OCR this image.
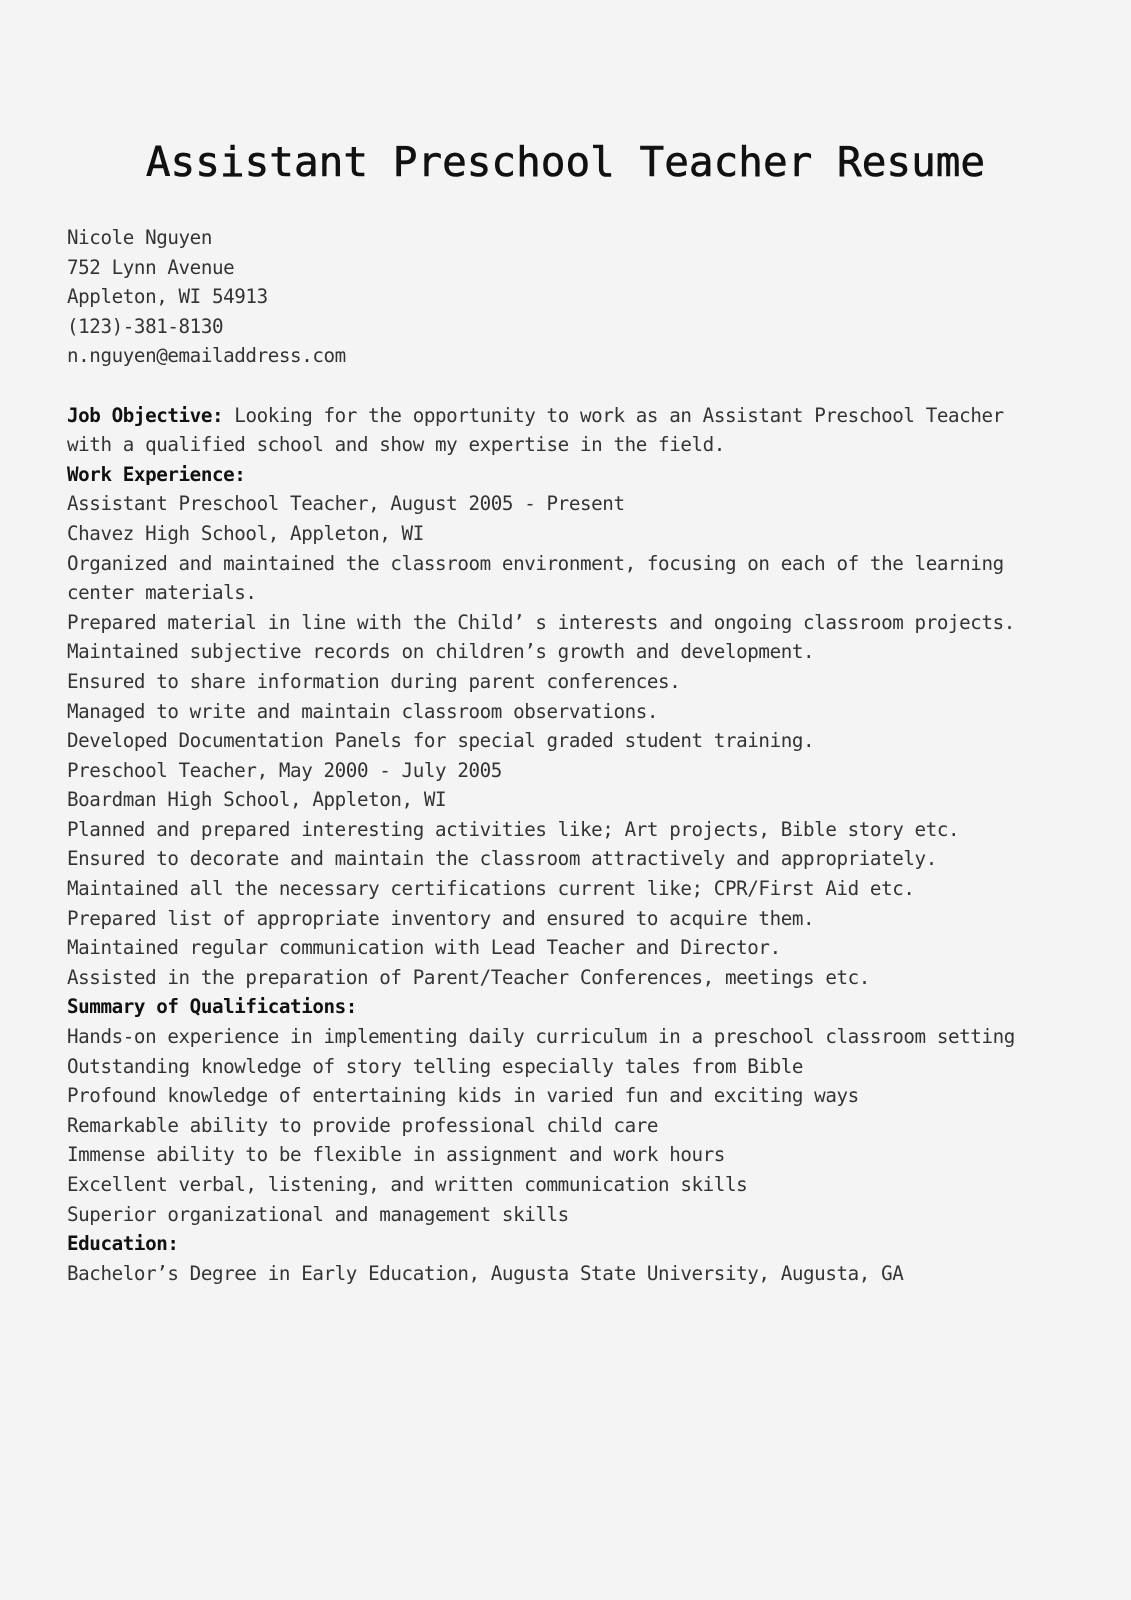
Assistant Preschool Teacher Resume
Nicole Nguyen
752 Lynn Avenue
Appleton, WI 54913
(123)-381-8130
n.nguyen@emailaddress.com
Job Objective: Looking for the opportunity to work as an Assistant Preschool Teacher with a qualified school and show my expertise in the field.
Work Experience:
Assistant Preschool Teacher, August 2005 - Present
Chavez High School, Appleton, WI
Organized and maintained the classroom environment, focusing on each of the learning center materials.
Prepared material in line with the Child’ s interests and ongoing classroom projects.
Maintained subjective records on children’s growth and development.
Ensured to share information during parent conferences.
Managed to write and maintain classroom observations.
Developed Documentation Panels for special graded student training.
Preschool Teacher, May 2000 - July 2005
Boardman High School, Appleton, WI
Planned and prepared interesting activities like; Art projects, Bible story etc.
Ensured to decorate and maintain the classroom attractively and appropriately.
Maintained all the necessary certifications current like; CPR/First Aid etc.
Prepared list of appropriate inventory and ensured to acquire them.
Maintained regular communication with Lead Teacher and Director.
Assisted in the preparation of Parent/Teacher Conferences, meetings etc.
Summary of Qualifications:
Hands-on experience in implementing daily curriculum in a preschool classroom setting
Outstanding knowledge of story telling especially tales from Bible
Profound knowledge of entertaining kids in varied fun and exciting ways
Remarkable ability to provide professional child care
Immense ability to be flexible in assignment and work hours
Excellent verbal, listening, and written communication skills
Superior organizational and management skills
Education:
Bachelor’s Degree in Early Education, Augusta State University, Augusta, GA
